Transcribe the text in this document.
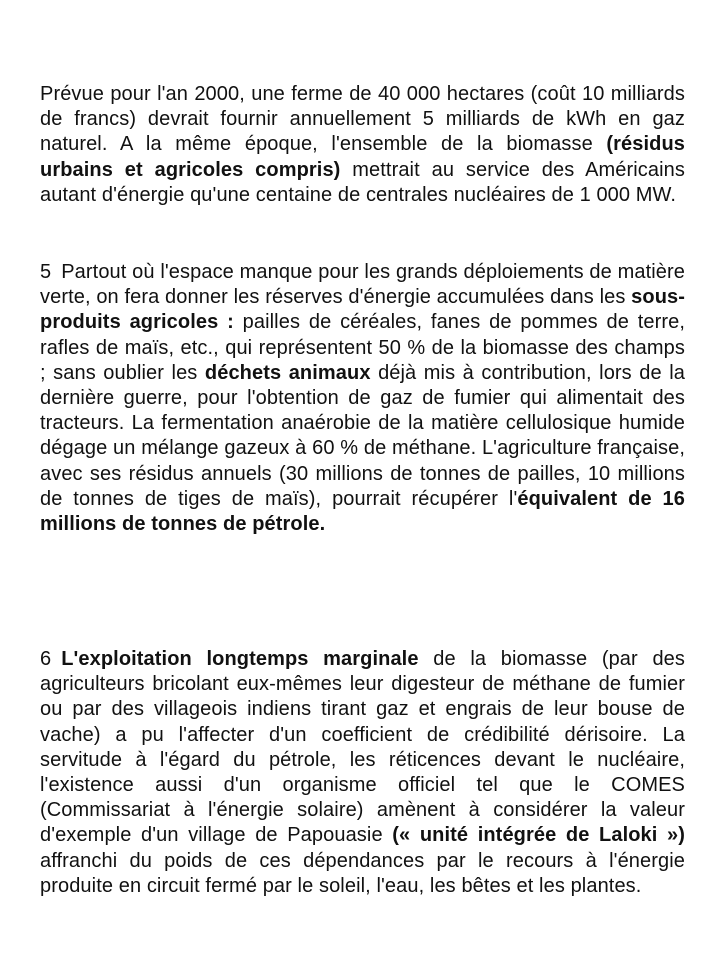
Prévue pour l'an 2000, une ferme de 40 000 hectares (coût 10 milliards de francs) devrait fournir annuellement 5 milliards de kWh en gaz naturel. A la même époque, l'ensemble de la biomasse (résidus urbains et agricoles compris) mettrait au service des Américains autant d'énergie qu'une centaine de centrales nucléaires de 1 000 MW.

5 Partout où l'espace manque pour les grands déploiements de matière verte, on fera donner les réserves d'énergie accumulées dans les sous-produits agricoles : pailles de céréales, fanes de pommes de terre, rafles de maïs, etc., qui représentent 50 % de la biomasse des champs ; sans oublier les déchets animaux déjà mis à contribution, lors de la dernière guerre, pour l'obtention de gaz de fumier qui alimentait des tracteurs. La fermentation anaérobie de la matière cellulosique humide dégage un mélange gazeux à 60 % de méthane. L'agriculture française, avec ses résidus annuels (30 millions de tonnes de pailles, 10 millions de tonnes de tiges de maïs), pourrait récupérer l'équivalent de 16 millions de tonnes de pétrole.

6 L'exploitation longtemps marginale de la biomasse (par des agriculteurs bricolant eux-mêmes leur digesteur de méthane de fumier ou par des villageois indiens tirant gaz et engrais de leur bouse de vache) a pu l'affecter d'un coefficient de crédibilité dérisoire. La servitude à l'égard du pétrole, les réticences devant le nucléaire, l'existence aussi d'un organisme officiel tel que le COMES (Commissariat à l'énergie solaire) amènent à considérer la valeur d'exemple d'un village de Papouasie (« unité intégrée de Laloki ») affranchi du poids de ces dépendances par le recours à l'énergie produite en circuit fermé par le soleil, l'eau, les bêtes et les plantes.
